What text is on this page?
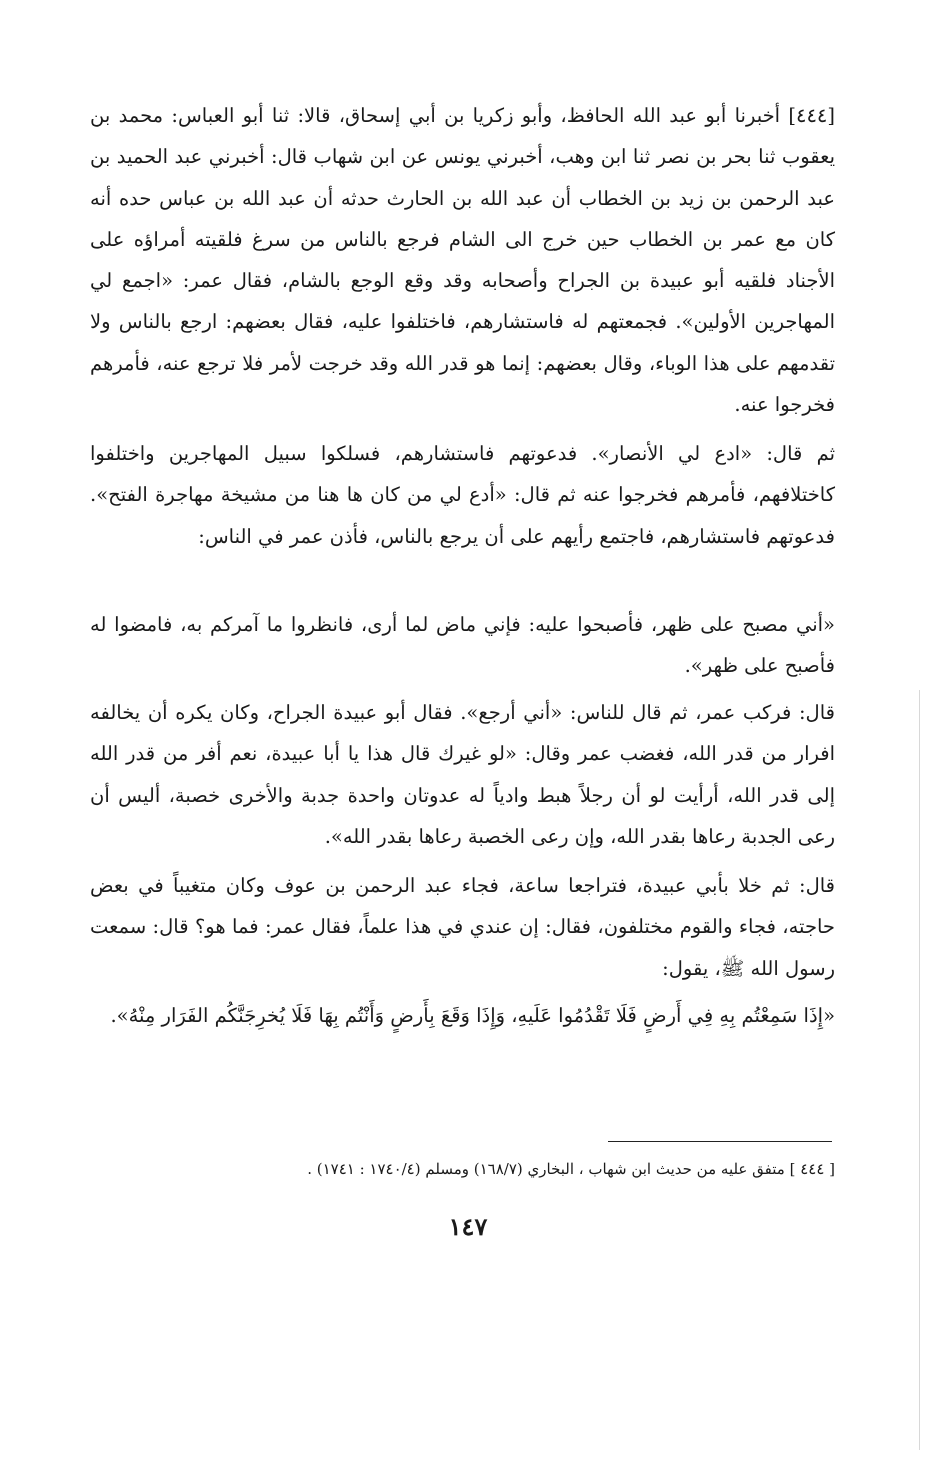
[٤٤٤] أخبرنا أبو عبد الله الحافظ، وأبو زكريا بن أبي إسحاق، قالا: ثنا أبو العباس: محمد بن يعقوب ثنا بحر بن نصر ثنا ابن وهب، أخبرني يونس عن ابن شهاب قال: أخبرني عبد الحميد بن عبد الرحمن بن زيد بن الخطاب أن عبد الله بن الحارث حدثه أن عبد الله بن عباس حده أنه كان مع عمر بن الخطاب حين خرج الى الشام فرجع بالناس من سرغ فلقيته أمراؤه على الأجناد فلقيه أبو عبيدة بن الجراح وأصحابه وقد وقع الوجع بالشام، فقال عمر: «اجمع لي المهاجرين الأولين». فجمعتهم له فاستشارهم، فاختلفوا عليه، فقال بعضهم: ارجع بالناس ولا تقدمهم على هذا الوباء، وقال بعضهم: إنما هو قدر الله وقد خرجت لأمر فلا ترجع عنه، فأمرهم فخرجوا عنه.

ثم قال: «ادع لي الأنصار». فدعوتهم فاستشارهم، فسلكوا سبيل المهاجرين واختلفوا كاختلافهم، فأمرهم فخرجوا عنه ثم قال: «أدع لي من كان ها هنا من مشيخة مهاجرة الفتح». فدعوتهم فاستشارهم، فاجتمع رأيهم على أن يرجع بالناس، فأذن عمر في الناس:

«أني مصبح على ظهر، فأصبحوا عليه: فإني ماض لما أرى، فانظروا ما آمركم به، فامضوا له فأصبح على ظهر».

قال: فركب عمر، ثم قال للناس: «أني أرجع». فقال أبو عبيدة الجراح، وكان يكره أن يخالفه افرار من قدر الله، فغضب عمر وقال: «لو غيرك قال هذا يا أبا عبيدة، نعم أفر من قدر الله إلى قدر الله، أرأيت لو أن رجلاً هبط وادياً له عدوتان واحدة جدبة والأخرى خصبة، أليس أن رعى الجدبة رعاها بقدر الله، وإن رعى الخصبة رعاها بقدر الله».

قال: ثم خلا بأبي عبيدة، فتراجعا ساعة، فجاء عبد الرحمن بن عوف وكان متغيباً في بعض حاجته، فجاء والقوم مختلفون، فقال: إن عندي في هذا علماً، فقال عمر: فما هو؟ قال: سمعت رسول الله ﷺ، يقول:

«إِذَا سَمِعْتُم بِهِ فِي أَرضٍ فَلَا تَقْدُمُوا عَلَيهِ، وَإِذَا وَقَعَ بِأَرضٍ وَأَنْتُم بِهَا فَلَا يُخرِجَنَّكُم الفَرَار مِنْهُ».

[ ٤٤٤ ] متفق عليه من حديث ابن شهاب ، البخاري (١٦٨/٧) ومسلم (١٧٤٠/٤ : ١٧٤١) .

١٤٧
